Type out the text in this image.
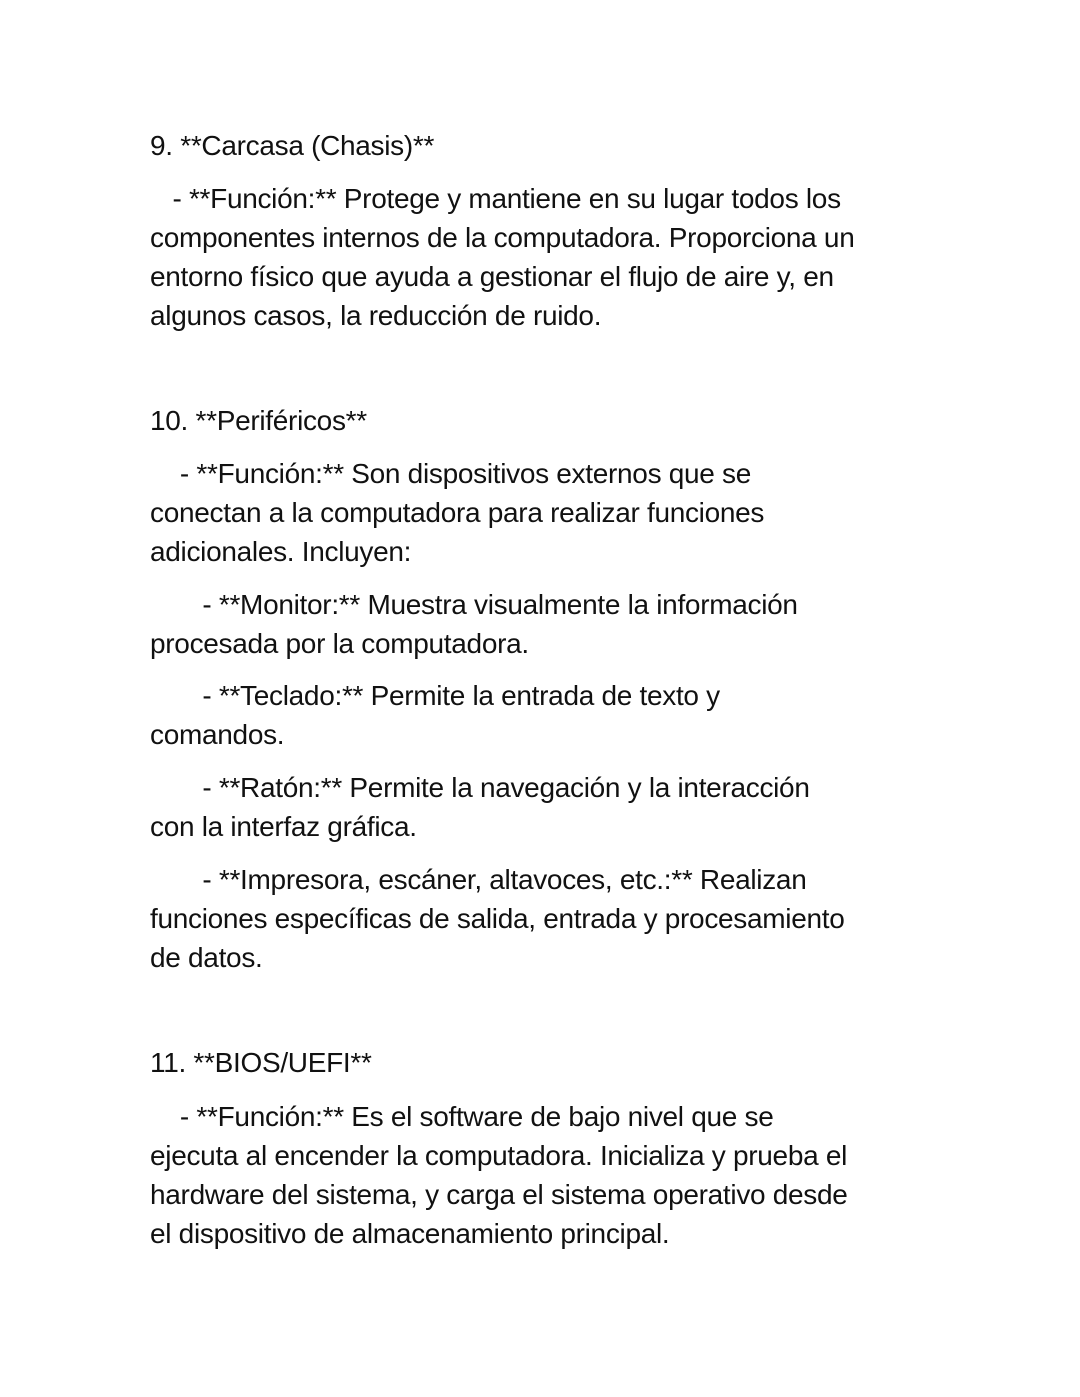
9. **Carcasa (Chasis)**
- **Función:** Protege y mantiene en su lugar todos los
componentes internos de la computadora. Proporciona un
entorno físico que ayuda a gestionar el flujo de aire y, en
algunos casos, la reducción de ruido.
10. **Periféricos**
- **Función:** Son dispositivos externos que se
conectan a la computadora para realizar funciones
adicionales. Incluyen:
- **Monitor:** Muestra visualmente la información
procesada por la computadora.
- **Teclado:** Permite la entrada de texto y
comandos.
- **Ratón:** Permite la navegación y la interacción
con la interfaz gráfica.
- **Impresora, escáner, altavoces, etc.:** Realizan
funciones específicas de salida, entrada y procesamiento
de datos.
11. **BIOS/UEFI**
- **Función:** Es el software de bajo nivel que se
ejecuta al encender la computadora. Inicializa y prueba el
hardware del sistema, y carga el sistema operativo desde
el dispositivo de almacenamiento principal.
